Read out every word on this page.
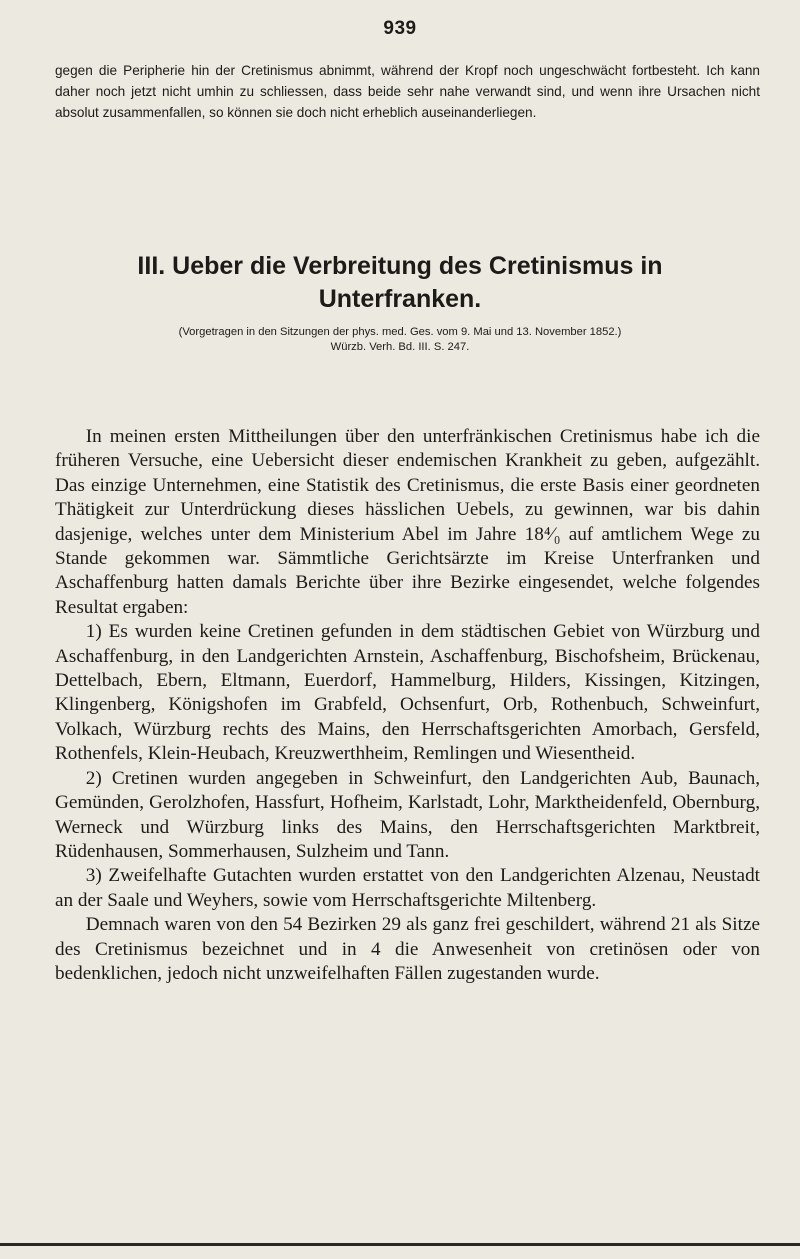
939
gegen die Peripherie hin der Cretinismus abnimmt, während der Kropf noch ungeschwächt fortbesteht. Ich kann daher noch jetzt nicht umhin zu schliessen, dass beide sehr nahe verwandt sind, und wenn ihre Ursachen nicht absolut zusammenfallen, so können sie doch nicht erheblich auseinanderliegen.
III. Ueber die Verbreitung des Cretinismus in
Unterfranken.
(Vorgetragen in den Sitzungen der phys. med. Ges. vom 9. Mai und 13. November 1852.)
Würzb. Verh. Bd. III. S. 247.

In meinen ersten Mittheilungen über den unterfränkischen Cretinismus habe ich die früheren Versuche, eine Uebersicht dieser endemischen Krankheit zu geben, aufgezählt. Das einzige Unternehmen, eine Statistik des Cretinismus, die erste Basis einer geordneten Thätigkeit zur Unterdrückung dieses hässlichen Uebels, zu gewinnen, war bis dahin dasjenige, welches unter dem Ministerium Abel im Jahre 18⁴⁄₀ auf amtlichem Wege zu Stande gekommen war. Sämmtliche Gerichtsärzte im Kreise Unterfranken und Aschaffenburg hatten damals Berichte über ihre Bezirke eingesendet, welche folgendes Resultat ergaben:

1) Es wurden keine Cretinen gefunden in dem städtischen Gebiet von Würzburg und Aschaffenburg, in den Landgerichten Arnstein, Aschaffenburg, Bischofsheim, Brückenau, Dettelbach, Ebern, Eltmann, Euerdorf, Hammelburg, Hilders, Kissingen, Kitzingen, Klingenberg, Königshofen im Grabfeld, Ochsenfurt, Orb, Rothenbuch, Schweinfurt, Volkach, Würzburg rechts des Mains, den Herrschaftsgerichten Amorbach, Gersfeld, Rothenfels, Klein-Heubach, Kreuzwerthheim, Remlingen und Wiesentheid.

2) Cretinen wurden angegeben in Schweinfurt, den Landgerichten Aub, Baunach, Gemünden, Gerolzhofen, Hassfurt, Hofheim, Karlstadt, Lohr, Marktheidenfeld, Obernburg, Werneck und Würzburg links des Mains, den Herrschaftsgerichten Marktbreit, Rüdenhausen, Sommerhausen, Sulzheim und Tann.

3) Zweifelhafte Gutachten wurden erstattet von den Landgerichten Alzenau, Neustadt an der Saale und Weyhers, sowie vom Herrschaftsgerichte Miltenberg.

Demnach waren von den 54 Bezirken 29 als ganz frei geschildert, während 21 als Sitze des Cretinismus bezeichnet und in 4 die Anwesenheit von cretinösen oder von bedenklichen, jedoch nicht unzweifelhaften Fällen zugestanden wurde.
